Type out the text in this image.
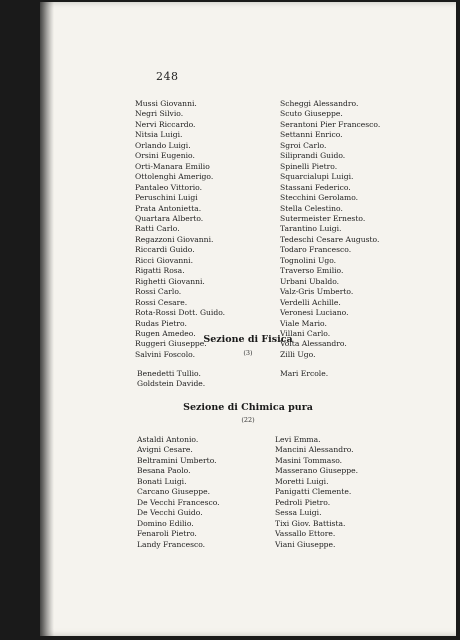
248
Mussi Giovanni.
Negri Silvio.
Nervi Riccardo.
Nitsia Luigi.
Orlando Luigi.
Orsini Eugenio.
Orti-Manara Emilio
Ottolenghi Amerigo.
Pantaleo Vittorio.
Peruschini Luigi
Prata Antonietta.
Quartara Alberto.
Ratti Carlo.
Regazzoni Giovanni.
Riccardi Guido.
Ricci Giovanni.
Rigatti Rosa.
Righetti Giovanni.
Rossi Carlo.
Rossi Cesare.
Rota-Rossi Dott. Guido.
Rudas Pietro.
Rugen Amedeo.
Ruggeri Giuseppe.
Salvini Foscolo.
Scheggi Alessandro.
Scuto Giuseppe.
Serantoni Pier Francesco.
Settanni Enrico.
Sgroi Carlo.
Siliprandi Guido.
Spinelli Pietro.
Squarcialupi Luigi.
Stassani Federico.
Stecchini Gerolamo.
Stella Celestino.
Sutermeister Ernesto.
Tarantino Luigi.
Tedeschi Cesare Augusto.
Todaro Francesco.
Tognolini Ugo.
Traverso Emilio.
Urbani Ubaldo.
Valz-Gris Umberto.
Verdelli Achille.
Veronesi Luciano.
Viale Mario.
Villani Carlo.
Volta Alessandro.
Zilli Ugo.
Sezione di Fisica
(3)
Benedetti Tullio.
Goldstein Davide.
Mari Ercole.
Sezione di Chimica pura
(22)
Astaldi Antonio.
Avigni Cesare.
Beltramini Umberto.
Besana Paolo.
Bonati Luigi.
Carcano Giuseppe.
De Vecchi Francesco.
De Vecchi Guido.
Domino Edilio.
Fenaroli Pietro.
Landy Francesco.
Levi Emma.
Mancini Alessandro.
Masini Tommaso.
Masserano Giuseppe.
Moretti Luigi.
Panigatti Clemente.
Pedroli Pietro.
Sessa Luigi.
Tixi Giov. Battista.
Vassallo Ettore.
Viani Giuseppe.
